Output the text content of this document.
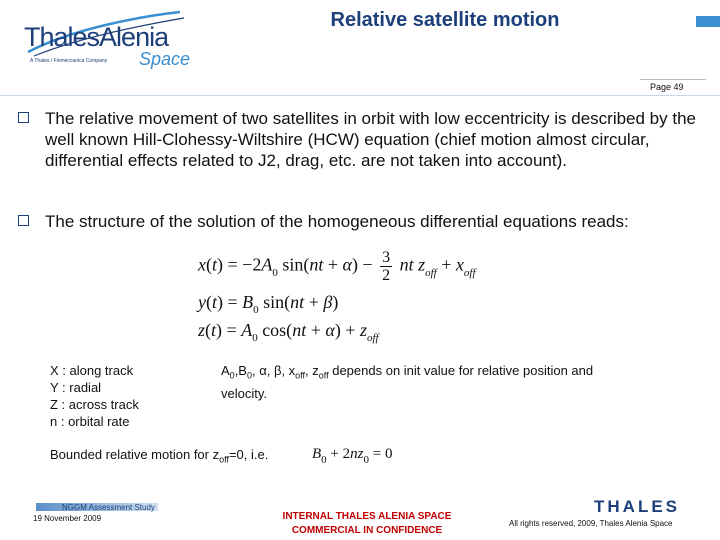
ThalesAlenia
A Thales / Finmeccanica Company Space
Relative satellite motion
Page 49
The relative movement of two satellites in orbit with low eccentricity is described by the well known Hill-Clohessy-Wiltshire (HCW) equation (chief motion almost circular, differential effects related to J2, drag, etc. are not taken into account).
The structure of the solution of the homogeneous differential equations reads:
$x(t) = -2A_0$ $\sin(nt + \alpha) - \frac{3}{2}$ nt $z_{off} + x_{off}$
$y(t) = B_0$ sin(nt + β)
$z(t) = A_0$ $\cos(nt + \alpha) + z_{off}$
X : along track
Y : radial
Z : across track
n : orbital rate
$A_0,B_0$, α, β, $x_{off}$, $z_{off}$ depends on init value for relative position and velocity.
Bounded relative motion for $z_{off}=0$, i.e.	$B_0 + 2nz_0 = 0$
NGGM Assessment Study
19 November 2009	INTERNAL THALES ALENIA SPACE
COMMERCIAL IN CONFIDENCE
THALES
All rights reserved, 2009, Thales Alenia Space
